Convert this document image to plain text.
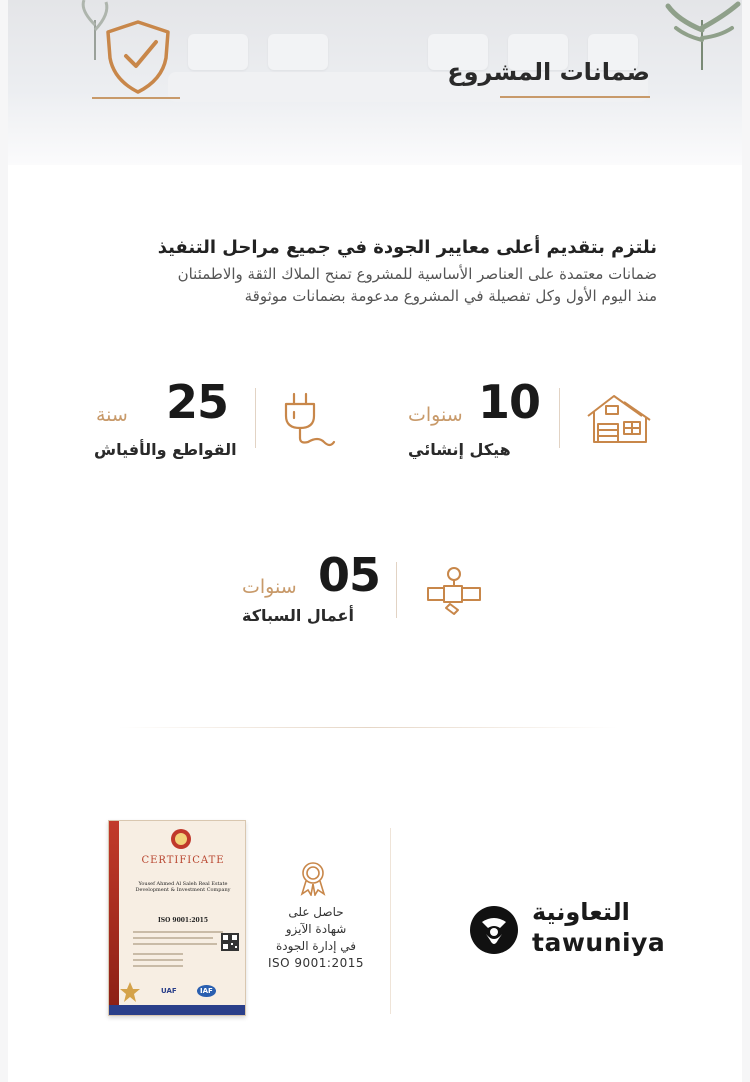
ضمانات المشروع
نلتزم بتقديم أعلى معايير الجودة في جميع مراحل التنفيذ
ضمانات معتمدة على العناصر الأساسية للمشروع تمنح الملاك الثقة والاطمئنان
منذ اليوم الأول وكل تفصيلة في المشروع مدعومة بضمانات موثوقة
10
سنوات
هيكل إنشائي
25
سنة
القواطع والأفياش
05
سنوات
أعمال السباكة
CERTIFICATE
Yousef Ahmed Al Saleh Real Estate Development & Investment Company
ISO 9001:2015
UAF	IAF
حاصل على
شهادة الآيزو
في إدارة الجودة
ISO 9001:2015
التعاونية
tawuniya
